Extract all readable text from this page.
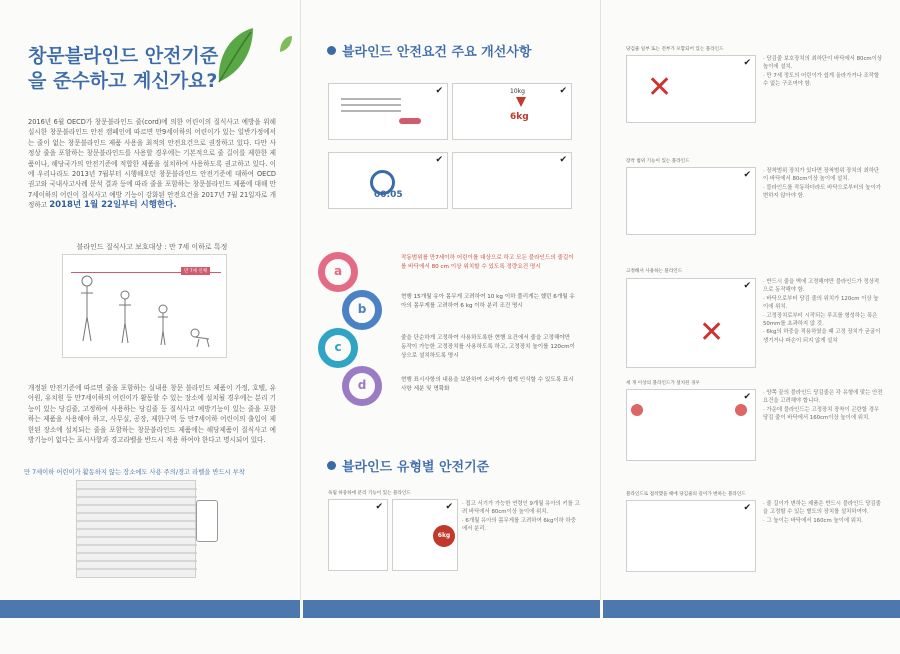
창문블라인드 안전기준을 준수하고 계신가요?
2016년 6월 OECD가 창문블라인드 줄(cord)에 의한 어린이의 질식사고 예방을 위해 실시한 창문블라인드 안전 캠페인에 따르면 만9세이하의 어린이가 있는 일반가정에서는 줄이 없는 창문블라인드 제품 사용을 최적의 안전요건으로 권장하고 있다. 다만 사정상 줄을 포함하는 창문블라인드를 사용할 경우에는 기본적으로 줄 길이를 제한한 제품이나, 해당국가의 안전기준에 적합한 제품을 설치하여 사용하도록 권고하고 있다. 이에 우리나라도 2013년 7월부터 시행해오던 창문블라인드 안전기준에 대하여 OECD 권고와 국내사고사례 문석 결과 등에 따라 줄을 포함하는 창문블라인드 제품에 대해 만7세이하의 어린이 질식사고 예방 기능이 강화된 안전요건을 2017년 7월 21일자로 개정하고 2018년 1월 22일부터 시행한다.
블라인드 질식사고 보호대상 : 만 7세 이하로 특정
만 7세 신체
개정된 안전기준에 따르면 줄을 포함하는 실내용 창문 블라인드 제품이 가정, 호텔, 유아원, 유치원 등 만7세이하의 어린이가 활동할 수 있는 장소에 설치될 경우에는 분리 기능이 있는 당김줄, 고정하여 사용하는 당김줄 등 질식사고 예방기능이 있는 줄을 포함하는 제품을 사용해야 하고, 사무실, 공장, 제한구역 등 만7세이하 어린이의 출입이 제한된 장소에 설치되는 줄을 포함하는 창문블라인드 제품에는 해당제품이 질식사고 예방기능이 없다는 표시사항과 경고라벨을 반드시 적용 하여야 한다고 명시되어 있다.
만 7세이하 어린이가 활동하지 않는 장소에도 사용 주의/경고 라벨을 반드시 부착
블라인드 안전요건 주요 개선사항
✔	✔
10kg
6kg
✔
00:05
✔
a
b
c
d
작동범위를 만7세이하 어린이를 대상으로 하고 모든 블라인드의 줄길이를 바닥에서 80 cm 이상 위치할 수 있도록 정량요건 명시
현행 15개월 유아 몸무게 고려하여 10 kg 이하 풀리게는 했던 6개월 유아의 몸무게를 고려하여 6 kg 이하 분리 조건 명시
줄을 단순하게 고정하여 사용하도록한 현행 요건에서 줄을 고정해야만 동작이 가능한 고정장치를 사용하도록 하고, 고정장치 높이를 120cm이상으로 설치하도록 명시
현행 표시사항의 내용을 보완하여 소비자가 쉽게 인식할 수 있도록 표시사항 세분 및 명확화
블라인드 유형별 안전기준
독립 하중하에 분리 기능이 있는 블라인드
✔	✔
6kg
· 접고 서기가 가능한 연령인 9개월 유아의 키를 고려 바닥에서 80cm이상 높이에 위치.
· 6개월 유아의 몸무게를 고려하여 6kg이하 하중에서 분리.
당김줄 일부 또는 전부가 포함되어 있는 블라인드
✔
✕
· 당김줄 보호장치의 최하단이 바닥에서 80cm이상 높이에 설치.
· 만 7세 정도의 어린이가 쉽게 올라가거나 조작할 수 없는 구조여야 함.
장착 범위 기능이 있는 블라인드
✔ · 장착범위 장치가 있다면 장착범위 장치의 최하단이 바닥에서 80cm이상 높이에 설치.
· 블라인드를 작동하더라도 바닥으로부터의 높이가 변하지 않아야 함.
고정해서 사용하는 블라인드
✔
✕
· 반드시 줄을 벽에 고정해야만 블라인드가 정상적으로 동작해야 함.
· 바닥으로부터 당김 줄의 위치가 120cm 이상 높이에 위치.
· 고정장치로부터 시작되는 루프를 형성하는 폭은 50mm를 초과하지 않 것.
· 6kg의 하중을 적용하였을 때 고정 장치가 굳굴이 생기거나 파손이 되지 않게 설치
세 개 이상의 블라인드가 설치된 경우
✔ · 양쪽 끝의 블라인드 당김줄은 각 유형에 맞는 안전요건을 고려해야 합니다.
· 가운데 블라인드는 고정장치 장착이 곤란할 경우 당김 줄이 바닥에서 160cm이상 높이에 위치.
블라인드로 접착했을 때에 당김줄의 길이가 변하는 블라인드
✔ · 줄 길이가 변하는 제품은 반드시 블라인드 당김줄을 고정할 수 있는 별도의 장치를 설치하여야.
· 그 높이는 바닥에서 160cm 높이에 위치.
